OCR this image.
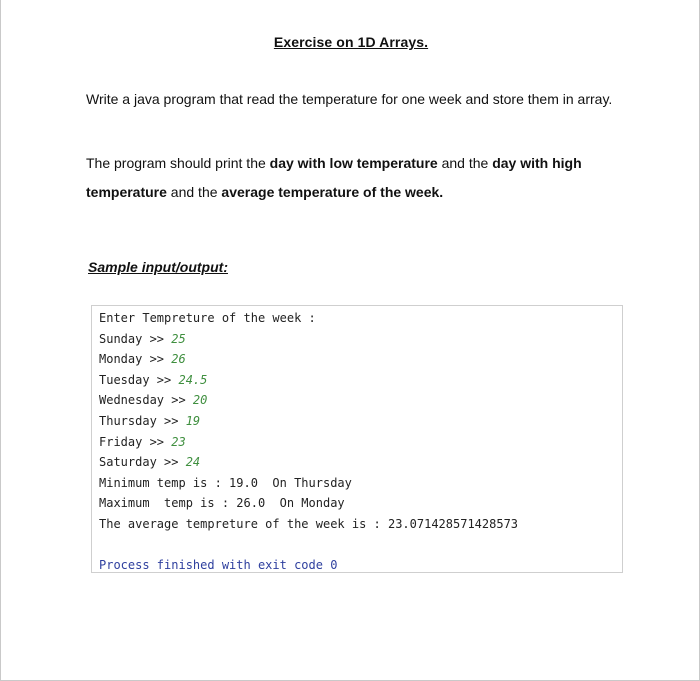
Exercise on 1D Arrays.
Write a java program that read the temperature for one week and store them in array.
The program should print the day with low temperature and the day with high temperature and the average temperature of the week.
Sample input/output:
Enter Tempreture of the week :
Sunday >> 25
Monday >> 26
Tuesday >> 24.5
Wednesday >> 20
Thursday >> 19
Friday >> 23
Saturday >> 24
Minimum temp is : 19.0  On Thursday
Maximum  temp is : 26.0  On Monday
The average tempreture of the week is : 23.071428571428573
Process finished with exit code 0
